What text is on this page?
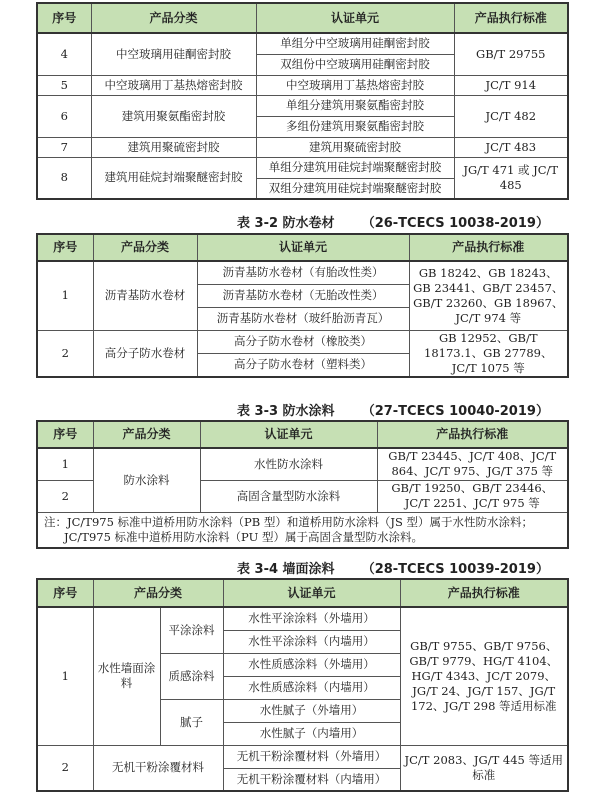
序号	产品分类	认证单元	产品执行标准
4	中空玻璃用硅酮密封胶	单组分中空玻璃用硅酮密封胶	GB/T 29755
		双组份中空玻璃用硅酮密封胶	
5	中空玻璃用丁基热熔密封胶	中空玻璃用丁基热熔密封胶	JC/T 914
6	建筑用聚氨酯密封胶	单组分建筑用聚氨酯密封胶	JC/T 482
		多组份建筑用聚氨酯密封胶	
7	建筑用聚硫密封胶	建筑用聚硫密封胶	JC/T 483
8	建筑用硅烷封端聚醚密封胶	单组分建筑用硅烷封端聚醚密封胶	JG/T 471 或 JC/T 485
		双组分建筑用硅烷封端聚醚密封胶	
表 3-2 防水卷材      （26-TCECS 10038-2019）
序号	产品分类	认证单元	产品执行标准
1	沥青基防水卷材	沥青基防水卷材（有胎改性类）	GB 18242、GB 18243、GB 23441、GB/T 23457、GB/T 23260、GB 18967、JC/T 974 等
		沥青基防水卷材（无胎改性类）	
		沥青基防水卷材（玻纤胎沥青瓦）	
2	高分子防水卷材	高分子防水卷材（橡胶类）	GB 12952、GB/T 18173.1、GB 27789、JC/T 1075 等
		高分子防水卷材（塑料类）	
表 3-3 防水涂料      （27-TCECS 10040-2019）
序号	产品分类	认证单元	产品执行标准
1	防水涂料	水性防水涂料	GB/T 23445、JC/T 408、JC/T 864、JC/T 975、JG/T 375 等
2		高固含量型防水涂料	GB/T 19250、GB/T 23446、JC/T 2251、JC/T 975 等

注：JC/T975 标准中道桥用防水涂料（PB 型）和道桥用防水涂料（JS 型）属于水性防水涂料；
JC/T975 标准中道桥用防水涂料（PU 型）属于高固含量型防水涂料。			
表 3-4 墙面涂料      （28-TCECS 10039-2019）
序号	产品分类		认证单元	产品执行标准
1	水性墙面涂料	平涂涂料	水性平涂涂料（外墙用）	GB/T 9755、GB/T 9756、GB/T 9779、HG/T 4104、HG/T 4343、JC/T 2079、JG/T 24、JG/T 157、JG/T 172、JG/T 298 等适用标准
			水性平涂涂料（内墙用）	
		质感涂料	水性质感涂料（外墙用）	
			水性质感涂料（内墙用）	
		腻子	水性腻子（外墙用）	
			水性腻子（内墙用）	
2	无机干粉涂覆材料		无机干粉涂覆材料（外墙用）	JC/T 2083、JG/T 445 等适用标准
			无机干粉涂覆材料（内墙用）	
